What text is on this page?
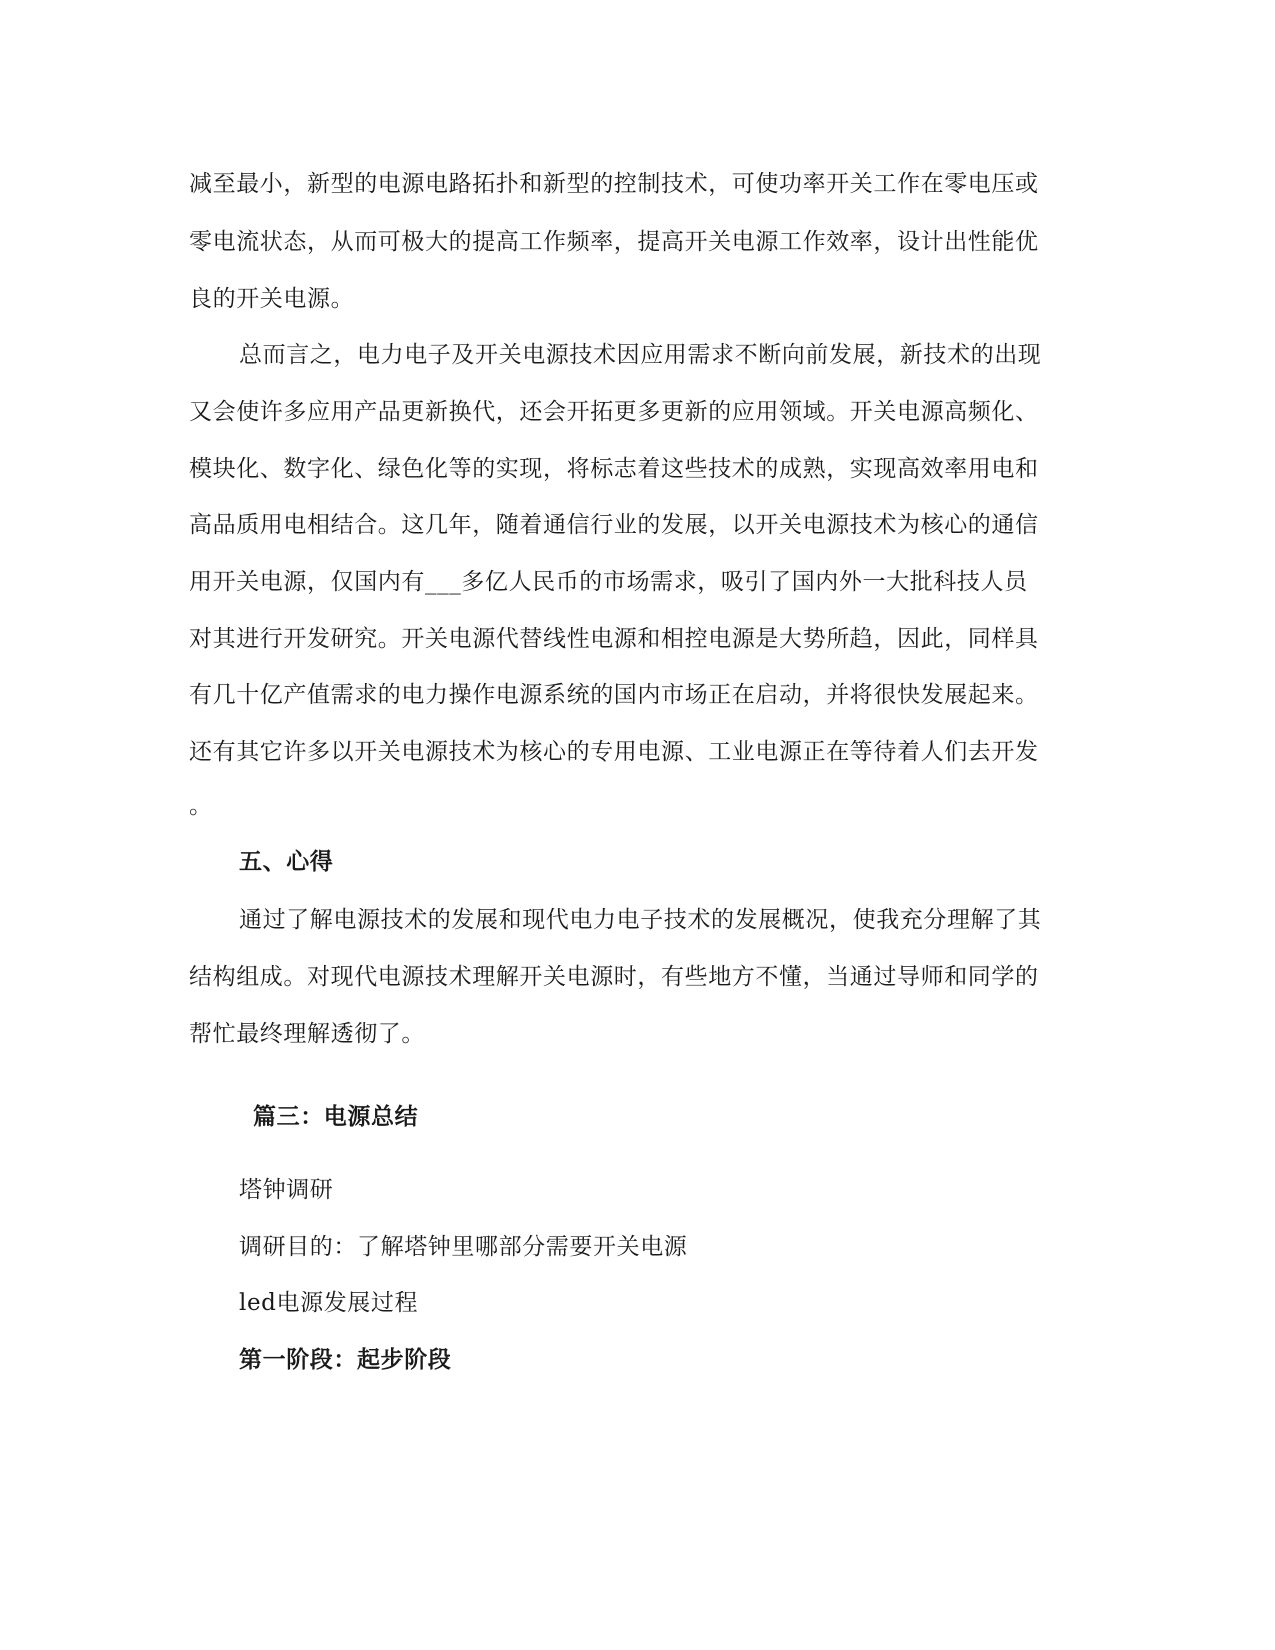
减至最小，新型的电源电路拓扑和新型的控制技术，可使功率开关工作在零电压或
零电流状态，从而可极大的提高工作频率，提高开关电源工作效率，设计出性能优
良的开关电源。
总而言之，电力电子及开关电源技术因应用需求不断向前发展，新技术的出现
又会使许多应用产品更新换代，还会开拓更多更新的应用领域。开关电源高频化、
模块化、数字化、绿色化等的实现，将标志着这些技术的成熟，实现高效率用电和
高品质用电相结合。这几年，随着通信行业的发展，以开关电源技术为核心的通信
用开关电源，仅国内有___多亿人民币的市场需求，吸引了国内外一大批科技人员
对其进行开发研究。开关电源代替线性电源和相控电源是大势所趋，因此，同样具
有几十亿产值需求的电力操作电源系统的国内市场正在启动，并将很快发展起来。
还有其它许多以开关电源技术为核心的专用电源、工业电源正在等待着人们去开发
。
五、心得
通过了解电源技术的发展和现代电力电子技术的发展概况，使我充分理解了其
结构组成。对现代电源技术理解开关电源时，有些地方不懂，当通过导师和同学的
帮忙最终理解透彻了。
篇三：电源总结
塔钟调研
调研目的：了解塔钟里哪部分需要开关电源
led电源发展过程
第一阶段：起步阶段
